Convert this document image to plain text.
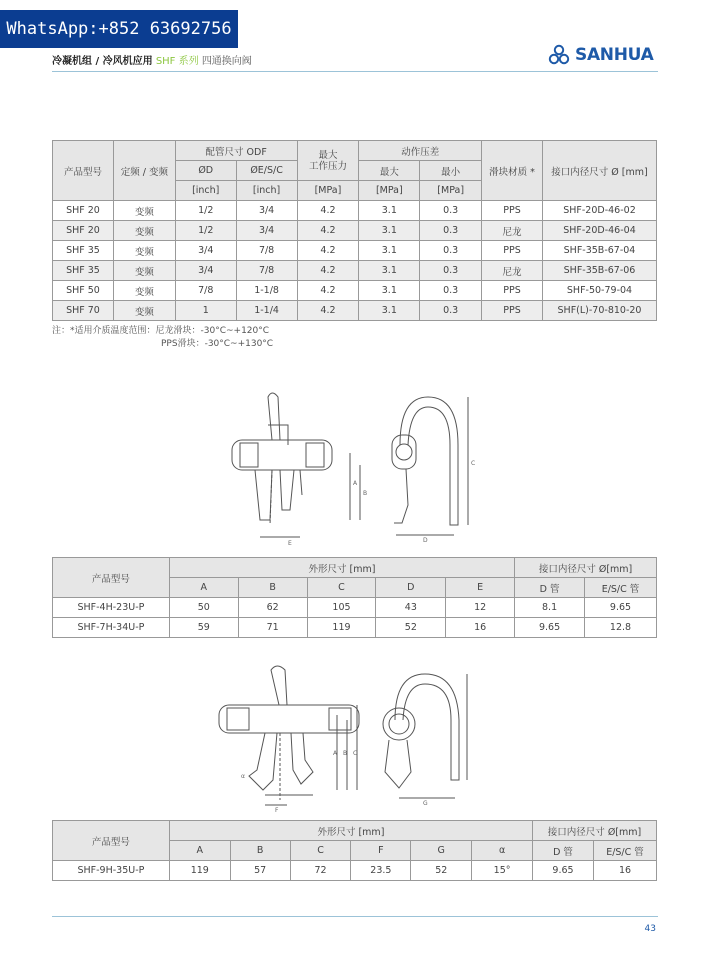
WhatsApp:+852 63692756
冷凝机组 / 冷风机应用 SHF 系列 四通换向阀	SANHUA
产品型号	定频 / 变频	配管尺寸 ODF		最大
工作压力	动作压差		滑块材质 *	接口内径尺寸 Ø [mm]
		ØD	ØE/S/C		最大	最小		
		[inch]	[inch]	[MPa]	[MPa]	[MPa]		
SHF 20	变频	1/2	3/4	4.2	3.1	0.3	PPS	SHF-20D-46-02
SHF 20	变频	1/2	3/4	4.2	3.1	0.3	尼龙	SHF-20D-46-04
SHF 35	变频	3/4	7/8	4.2	3.1	0.3	PPS	SHF-35B-67-04
SHF 35	变频	3/4	7/8	4.2	3.1	0.3	尼龙	SHF-35B-67-06
SHF 50	变频	7/8	1-1/8	4.2	3.1	0.3	PPS	SHF-50-79-04
SHF 70	变频	1	1-1/4	4.2	3.1	0.3	PPS	SHF(L)-70-810-20
注：*适用介质温度范围：尼龙滑块：-30°C~+120°C
PPS滑块：-30°C~+130°C
A
B
C
D
E
产品型号	外形尺寸 [mm]					接口内径尺寸 Ø[mm]	
	A	B	C	D	E	D 管	E/S/C 管
SHF-4H-23U-P	50	62	105	43	12	8.1	9.65
SHF-7H-34U-P	59	71	119	52	16	9.65	12.8
A B C
F
G
α
产品型号	外形尺寸 [mm]						接口内径尺寸 Ø[mm]	
	A	B	C	F	G	α	D 管	E/S/C 管
SHF-9H-35U-P	119	57	72	23.5	52	15°	9.65	16
43
